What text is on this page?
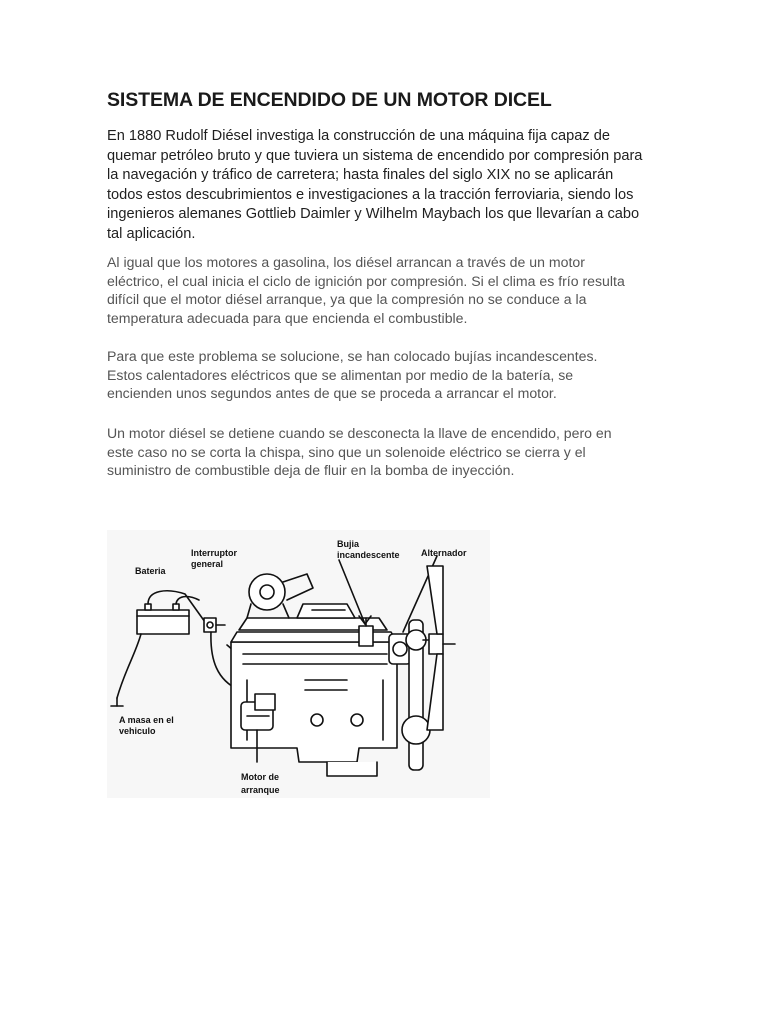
SISTEMA DE ENCENDIDO DE UN MOTOR DICEL
En 1880 Rudolf Diésel investiga la construcción de una máquina fija capaz de
quemar petróleo bruto y que tuviera un sistema de encendido por compresión para
la navegación y tráfico de carretera; hasta finales del siglo XIX no se aplicarán
todos estos descubrimientos e investigaciones a la tracción ferroviaria, siendo los
ingenieros alemanes Gottlieb Daimler y Wilhelm Maybach los que llevarían a cabo
tal aplicación.
Al igual que los motores a gasolina, los diésel arrancan a través de un motor
eléctrico, el cual inicia el ciclo de ignición por compresión. Si el clima es frío resulta
difícil que el motor diésel arranque, ya que la compresión no se conduce a la
temperatura adecuada para que encienda el combustible.
Para que este problema se solucione, se han colocado bujías incandescentes.
Estos calentadores eléctricos que se alimentan por medio de la batería, se
encienden unos segundos antes de que se proceda a arrancar el motor.
Un motor diésel se detiene cuando se desconecta la llave de encendido, pero en
este caso no se corta la chispa, sino que un solenoide eléctrico se cierra y el
suministro de combustible deja de fluir en la bomba de inyección.
Bateria
Interruptor
general
Bujia
incandescente Alternador
A masa en el
vehiculo
Motor de
arranque
